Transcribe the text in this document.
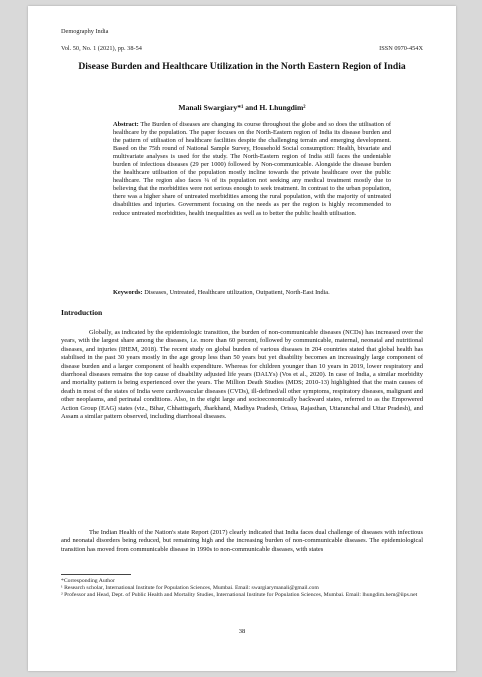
Demography India
Vol. 50, No. 1 (2021), pp. 38-54	ISSN 0970-454X
Disease Burden and Healthcare Utilization in the North Eastern Region of India
Manali Swargiary*¹ and H. Lhungdim²
Abstract: The Burden of diseases are changing its course throughout the globe and so does the utilisation of healthcare by the population. The paper focuses on the North-Eastern region of India its disease burden and the pattern of utilisation of healthcare facilities despite the challenging terrain and emerging development. Based on the 75th round of National Sample Survey, Household Social consumption: Health, bivariate and multivariate analyses is used for the study. The North-Eastern region of India still faces the undeniable burden of infectious diseases (29 per 1000) followed by Non-communicable. Alongside the disease burden the healthcare utilisation of the population mostly incline towards the private healthcare over the public healthcare. The region also faces ¼ of its population not seeking any medical treatment mostly due to believing that the morbidities were not serious enough to seek treatment. In contrast to the urban population, there was a higher share of untreated morbidities among the rural population, with the majority of untreated disabilities and injuries. Government focusing on the needs as per the region is highly recommended to reduce untreated morbidities, health inequalities as well as to better the public health utilisation.
Keywords: Diseases, Untreated, Healthcare utilization, Outpatient, North-East India.
Introduction
Globally, as indicated by the epidemiologic transition, the burden of non-communicable diseases (NCDs) has increased over the years, with the largest share among the diseases, i.e. more than 60 percent, followed by communicable, maternal, neonatal and nutritional diseases, and injuries (IHEM, 2018). The recent study on global burden of various diseases in 204 countries stated that global health has stabilised in the past 30 years mostly in the age group less than 50 years but yet disability becomes an increasingly large component of disease burden and a larger component of health expenditure. Whereas for children younger than 10 years in 2019, lower respiratory and diarrhoeal diseases remains the top cause of disability adjusted life years (DALYs) (Vos et al., 2020). In case of India, a similar morbidity and mortality pattern is being experienced over the years. The Million Death Studies (MDS; 2010-13) highlighted that the main causes of death in most of the states of India were cardiovascular diseases (CVDs), ill-defined/all other symptoms, respiratory diseases, malignant and other neoplasms, and perinatal conditions. Also, in the eight large and socioeconomically backward states, referred to as the Empowered Action Group (EAG) states (viz., Bihar, Chhattisgarh, Jharkhand, Madhya Pradesh, Orissa, Rajasthan, Uttaranchal and Uttar Pradesh), and Assam a similar pattern observed, including diarrhoeal diseases.
The Indian Health of the Nation's state Report (2017) clearly indicated that India faces dual challenge of diseases with infectious and neonatal disorders being reduced, but remaining high and the increasing burden of non-communicable diseases. The epidemiological transition has moved from communicable disease in 1990s to non-communicable diseases, with states
*Corresponding Author
¹ Research scholar, International Institute for Population Sciences, Mumbai. Email: swargiarymanali@gmail.com
² Professor and Head, Dept. of Public Health and Mortality Studies, International Institute for Population Sciences, Mumbai. Email: lhungdim.hem@iips.net
38
